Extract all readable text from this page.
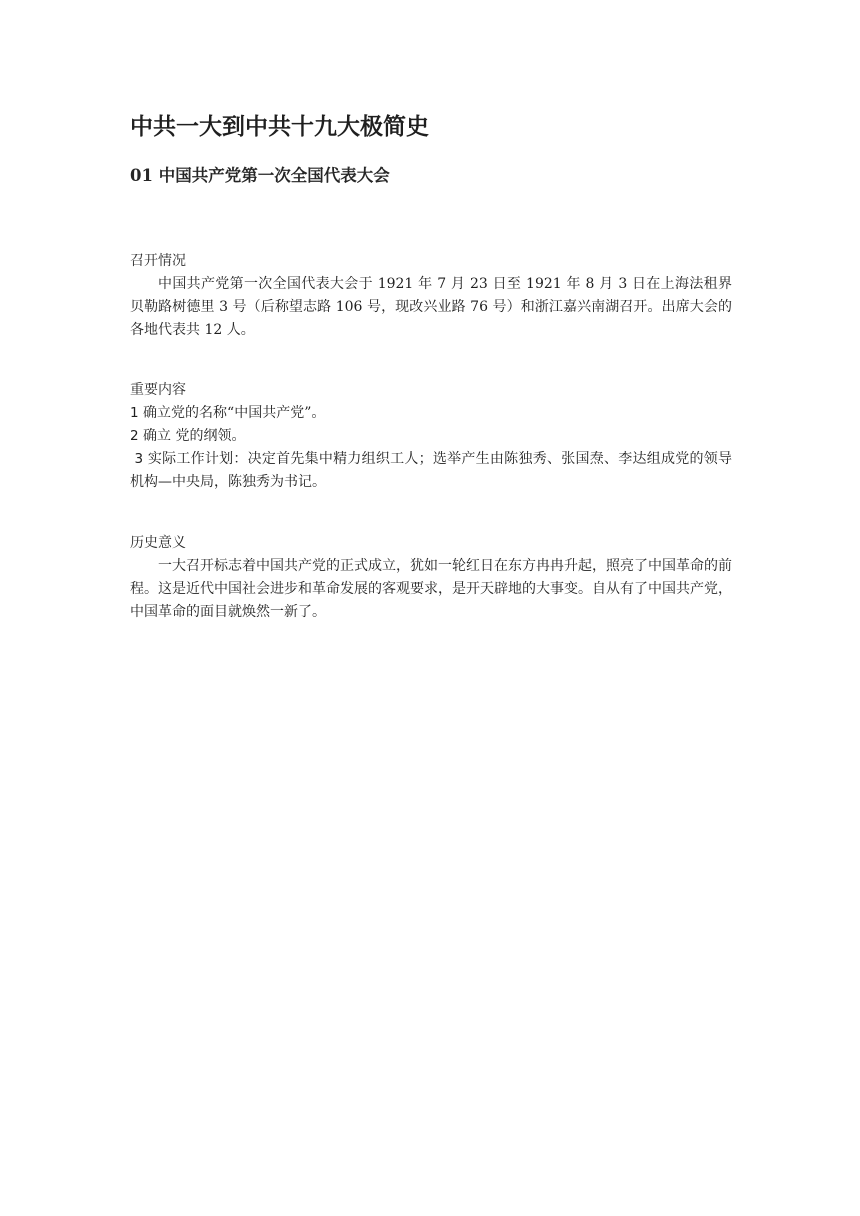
中共一大到中共十九大极简史
01 中国共产党第一次全国代表大会

召开情况

中国共产党第一次全国代表大会于 1921 年 7 月 23 日至 1921 年 8 月 3 日在上海法租界贝勒路树德里 3 号（后称望志路 106 号，现改兴业路 76 号）和浙江嘉兴南湖召开。出席大会的各地代表共 12 人。

重要内容

1 确立党的名称“中国共产党”。

2 确立 党的纲领。

3 实际工作计划：决定首先集中精力组织工人；选举产生由陈独秀、张国焘、李达组成党的领导机构—中央局，陈独秀为书记。

历史意义

一大召开标志着中国共产党的正式成立，犹如一轮红日在东方冉冉升起，照亮了中国革命的前程。这是近代中国社会进步和革命发展的客观要求，是开天辟地的大事变。自从有了中国共产党，中国革命的面目就焕然一新了。
